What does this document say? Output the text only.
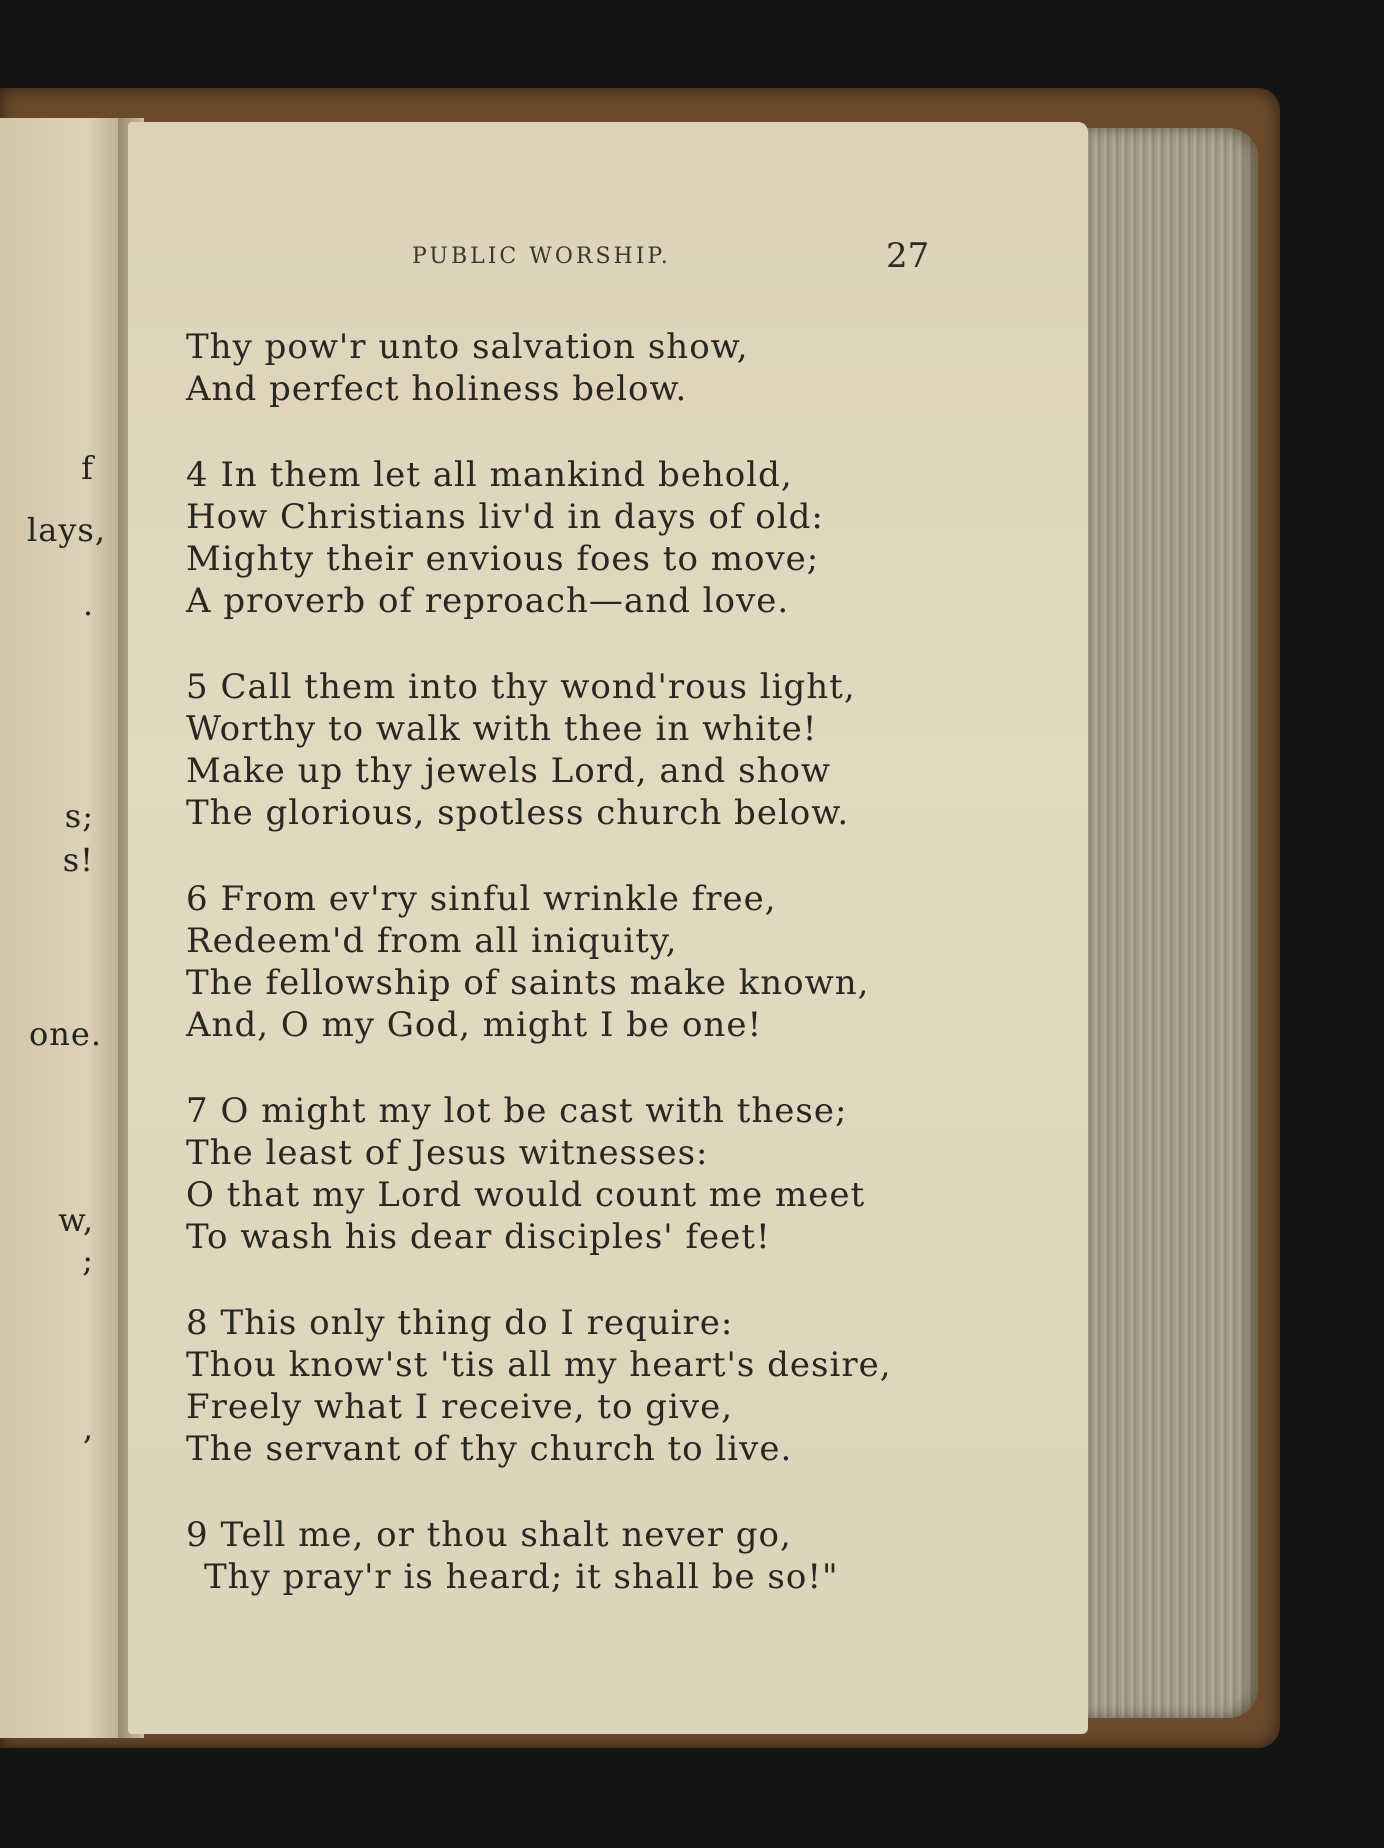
f
lays,
.
s;
s!
one.
w,
;
,
PUBLIC WORSHIP.	27
Thy pow'r unto salvation show,
And perfect holiness below.
4 In them let all mankind behold,
How Christians liv'd in days of old:
Mighty their envious foes to move;
A proverb of reproach—and love.
5 Call them into thy wond'rous light,
Worthy to walk with thee in white!
Make up thy jewels Lord, and show
The glorious, spotless church below.
6 From ev'ry sinful wrinkle free,
Redeem'd from all iniquity,
The fellowship of saints make known,
And, O my God, might I be one!
7 O might my lot be cast with these;
The least of Jesus witnesses:
O that my Lord would count me meet
To wash his dear disciples' feet!
8 This only thing do I require:
Thou know'st 'tis all my heart's desire,
Freely what I receive, to give,
The servant of thy church to live.
9 Tell me, or thou shalt never go,
Thy pray'r is heard; it shall be so!"
